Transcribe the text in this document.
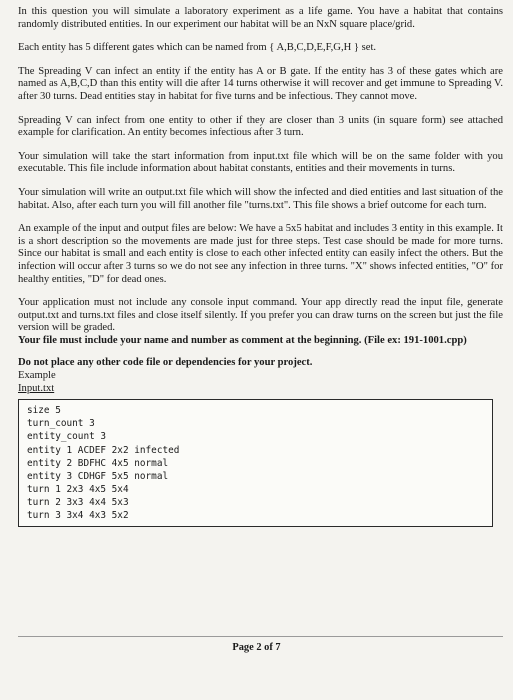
In this question you will simulate a laboratory experiment as a life game. You have a habitat that contains randomly distributed entities. In our experiment our habitat will be an NxN square place/grid.

Each entity has 5 different gates which can be named from { A,B,C,D,E,F,G,H } set.

The Spreading V can infect an entity if the entity has A or B gate. If the entity has 3 of these gates which are named as A,B,C,D than this entity will die after 14 turns otherwise it will recover and get immune to Spreading V. after 30 turns. Dead entities stay in habitat for five turns and be infectious. They cannot move.

Spreading V can infect from one entity to other if they are closer than 3 units (in square form) see attached example for clarification. An entity becomes infectious after 3 turn.

Your simulation will take the start information from input.txt file which will be on the same folder with you executable. This file include information about habitat constants, entities and their movements in turns.

Your simulation will write an output.txt file which will show the infected and died entities and last situation of the habitat. Also, after each turn you will fill another file "turns.txt". This file shows a brief outcome for each turn.

An example of the input and output files are below: We have a 5x5 habitat and includes 3 entity in this example. It is a short description so the movements are made just for three steps. Test case should be made for more turns. Since our habitat is small and each entity is close to each other infected entity can easily infect the others. But the infection will occur after 3 turns so we do not see any infection in three turns. "X" shows infected entities, "O" for healthy entities, "D" for dead ones.

Your application must not include any console input command. Your app directly read the input file, generate output.txt and turns.txt files and close itself silently. If you prefer you can draw turns on the screen but just the file version will be graded.

Your file must include your name and number as comment at the beginning. (File ex: 191-1001.cpp)

Do not place any other code file or dependencies for your project.
Example
Input.txt
size 5
turn_count 3
entity_count 3
entity 1 ACDEF 2x2 infected
entity 2 BDFHC 4x5 normal
entity 3 CDHGF 5x5 normal
turn 1 2x3 4x5 5x4
turn 2 3x3 4x4 5x3
turn 3 3x4 4x3 5x2
Page 2 of 7
